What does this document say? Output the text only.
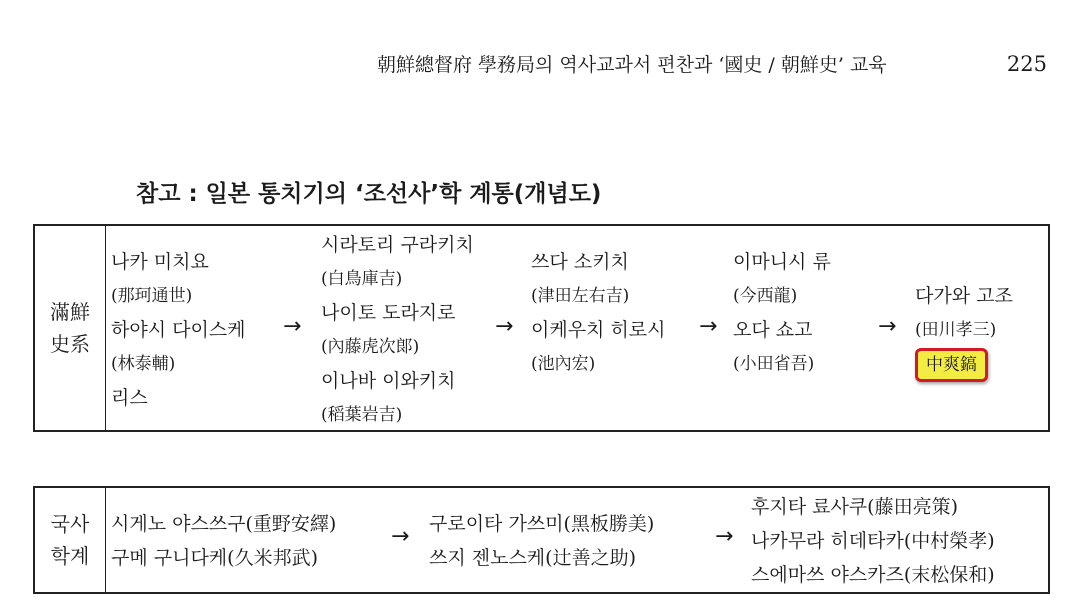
朝鮮總督府 學務局의 역사교과서 편찬과 ‘國史 / 朝鮮史’ 교육	225
참고 : 일본 통치기의 ‘조선사’학 계통(개념도)
滿鮮
史系
나카 미치요
(那珂通世)
하야시 다이스케
(林泰輔)
리스
→
시라토리 구라키치
(白鳥庫吉)
나이토 도라지로
(內藤虎次郞)
이나바 이와키치
(稻葉岩吉)
→
쓰다 소키치
(津田左右吉)
이케우치 히로시
(池內宏)
→
이마니시 류
(今西龍)
오다 쇼고
(小田省吾)
→
다가와 고조
(田川孝三)
中爽鎬
국사
학계
시게노 야스쓰구(重野安繹)
구메 구니다케(久米邦武)
→ 구로이타 가쓰미(黑板勝美)
쓰지 젠노스케(辻善之助)
→
후지타 료사쿠(藤田亮策)
나카무라 히데타카(中村榮孝)
스에마쓰 야스카즈(末松保和)
